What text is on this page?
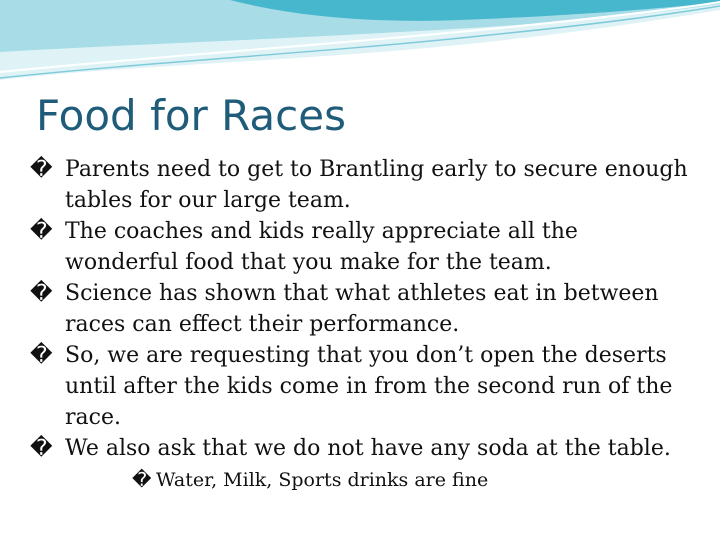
Food for Races
� Parents need to get to Brantling early to secure enough tables for our large team.
� The coaches and kids really appreciate all the wonderful food that you make for the team.
� Science has shown that what athletes eat in between races can effect their performance.
� So, we are requesting that you don’t open the deserts until after the kids come in from the second run of the race.
� We also ask that we do not have any soda at the table.
� Water, Milk, Sports drinks are fine
